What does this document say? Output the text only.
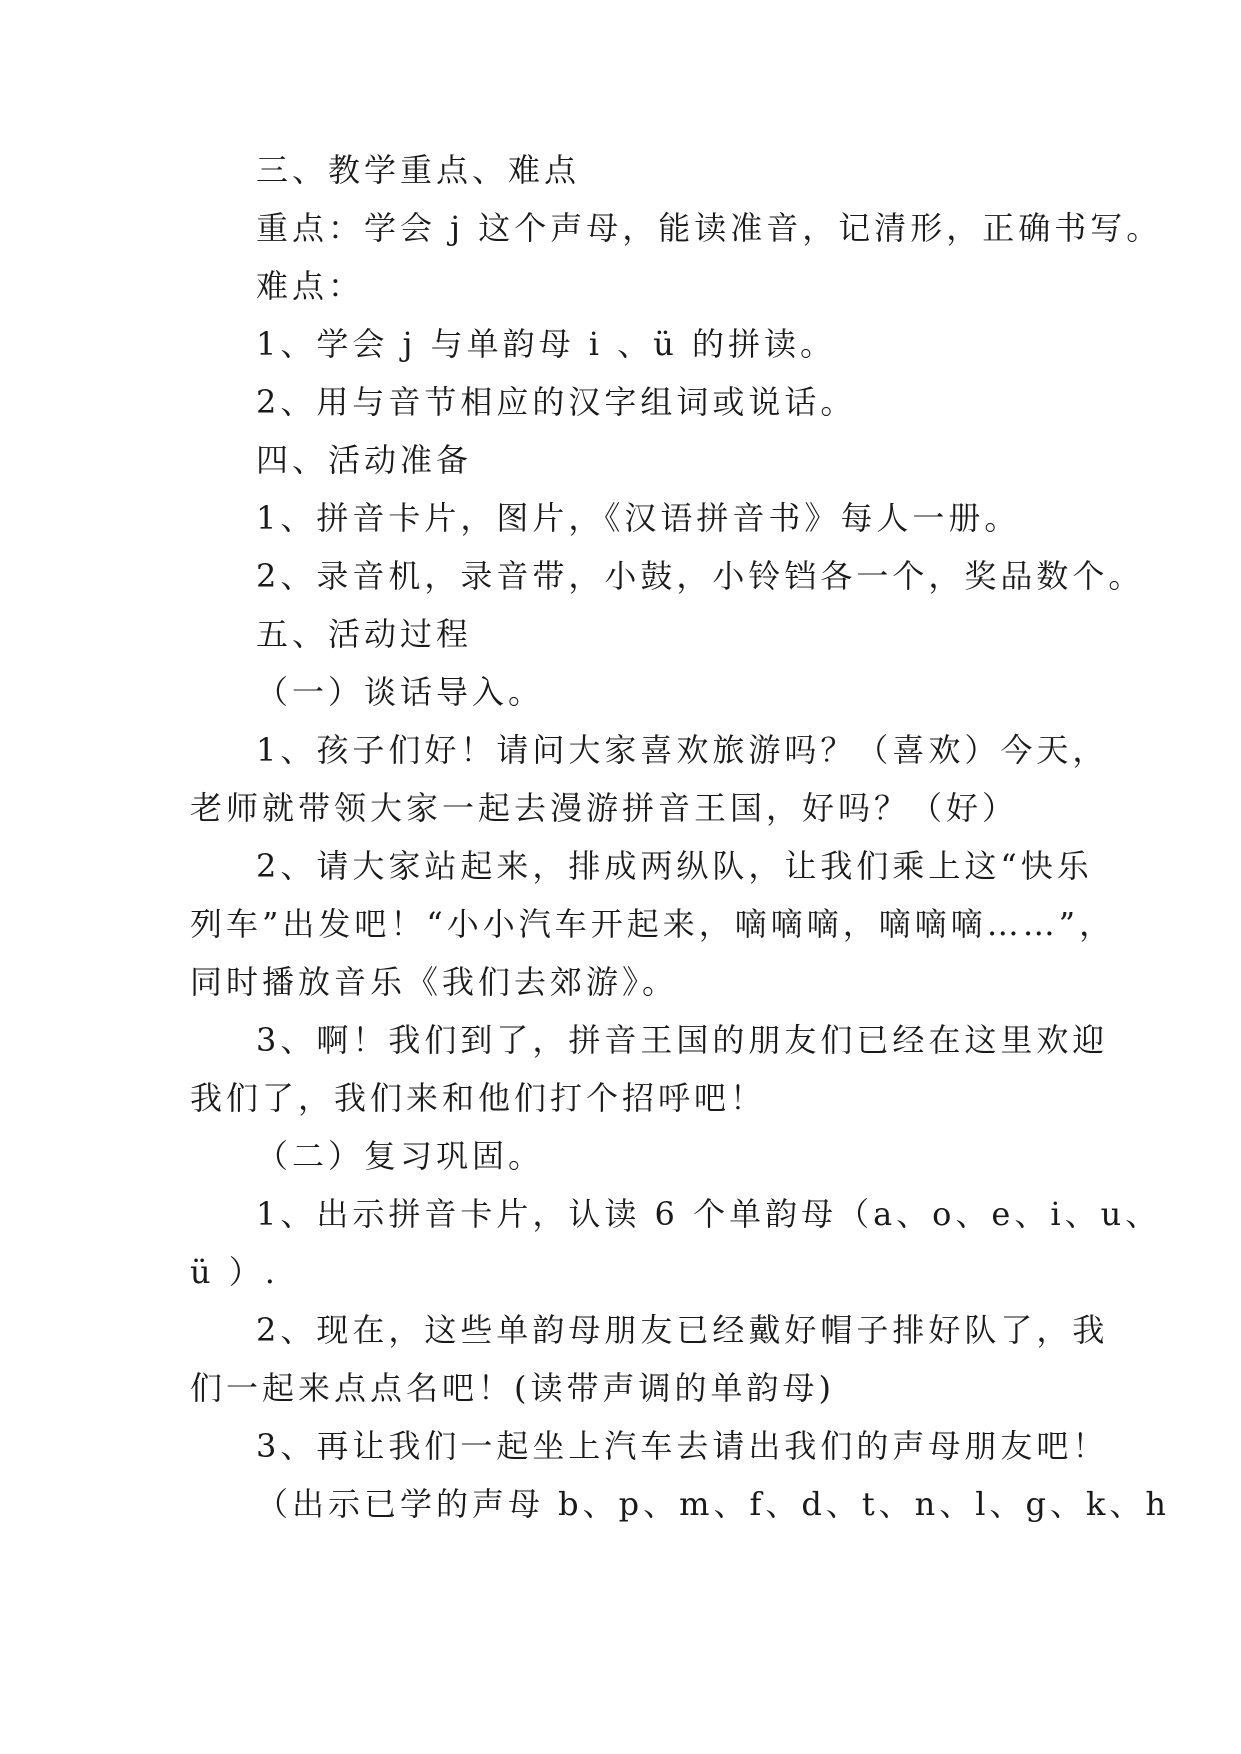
三、教学重点、难点
重点：学会 j 这个声母，能读准音，记清形，正确书写。
难点：
1、学会 j 与单韵母 i 、ü 的拼读。
2、用与音节相应的汉字组词或说话。
四、活动准备
1、拼音卡片，图片，《汉语拼音书》每人一册。
2、录音机，录音带，小鼓，小铃铛各一个，奖品数个。
五、活动过程
（一）谈话导入。
1、孩子们好！请问大家喜欢旅游吗？（喜欢）今天，
老师就带领大家一起去漫游拼音王国，好吗？（好）
2、请大家站起来，排成两纵队，让我们乘上这“快乐
列车”出发吧！“小小汽车开起来，嘀嘀嘀，嘀嘀嘀……”，
同时播放音乐《我们去郊游》。
3、啊！我们到了，拼音王国的朋友们已经在这里欢迎
我们了，我们来和他们打个招呼吧！
（二）复习巩固。
1、出示拼音卡片，认读 6 个单韵母（a、o、e、i、u、
ü ）.
2、现在，这些单韵母朋友已经戴好帽子排好队了，我
们一起来点点名吧！(读带声调的单韵母)
3、再让我们一起坐上汽车去请出我们的声母朋友吧！
（出示已学的声母 b、p、m、f、d、t、n、l、g、k、h
